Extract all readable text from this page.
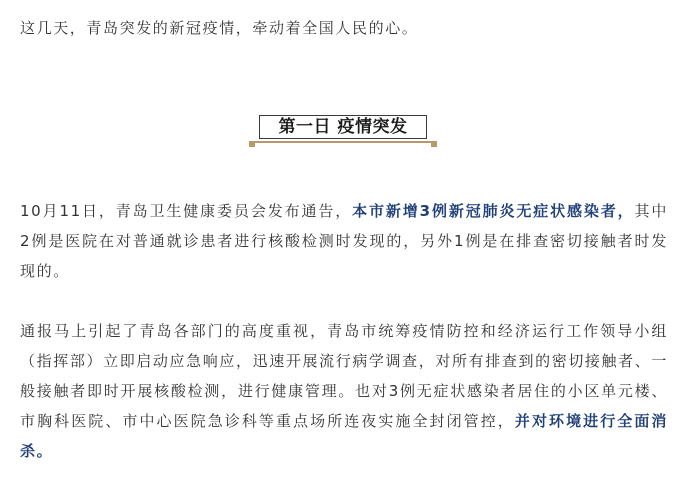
这几天，青岛突发的新冠疫情，牵动着全国人民的心。

第一日 疫情突发

10月11日，青岛卫生健康委员会发布通告，本市新增3例新冠肺炎无症状感染者，其中2例是医院在对普通就诊患者进行核酸检测时发现的，另外1例是在排查密切接触者时发现的。

通报马上引起了青岛各部门的高度重视，青岛市统筹疫情防控和经济运行工作领导小组（指挥部）立即启动应急响应，迅速开展流行病学调查，对所有排查到的密切接触者、一般接触者即时开展核酸检测，进行健康管理。也对3例无症状感染者居住的小区单元楼、市胸科医院、市中心医院急诊科等重点场所连夜实施全封闭管控，并对环境进行全面消杀。
